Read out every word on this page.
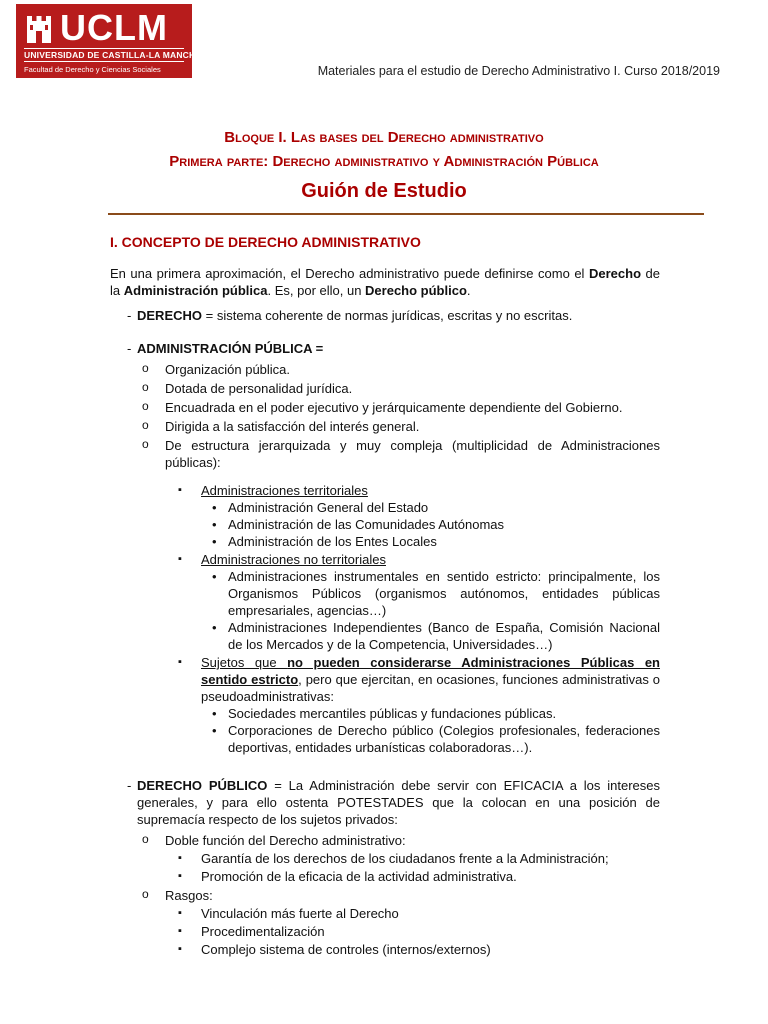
UCLM
UNIVERSIDAD DE CASTILLA-LA MANCHA
Facultad de Derecho y Ciencias Sociales	Materiales para el estudio de Derecho Administrativo I. Curso 2018/2019
Bloque I. Las bases del Derecho administrativo
Primera parte: Derecho administrativo y Administración Pública
Guión de Estudio
I. CONCEPTO DE DERECHO ADMINISTRATIVO

En una primera aproximación, el Derecho administrativo puede definirse como el Derecho de la Administración pública. Es, por ello, un Derecho público.

- DERECHO = sistema coherente de normas jurídicas, escritas y no escritas.
- ADMINISTRACIÓN PÚBLICA =
o Organización pública.
o Dotada de personalidad jurídica.
o Encuadrada en el poder ejecutivo y jerárquicamente dependiente del Gobierno.
o Dirigida a la satisfacción del interés general.
o De estructura jerarquizada y muy compleja (multiplicidad de Administraciones públicas):
▪ Administraciones territoriales
• Administración General del Estado
• Administración de las Comunidades Autónomas
• Administración de los Entes Locales
▪ Administraciones no territoriales
• Administraciones instrumentales en sentido estricto: principalmente, los Organismos Públicos (organismos autónomos, entidades públicas empresariales, agencias…)
• Administraciones Independientes (Banco de España, Comisión Nacional de los Mercados y de la Competencia, Universidades…)
▪ Sujetos que no pueden considerarse Administraciones Públicas en sentido estricto, pero que ejercitan, en ocasiones, funciones administrativas o pseudoadministrativas:
• Sociedades mercantiles públicas y fundaciones públicas.
• Corporaciones de Derecho público (Colegios profesionales, federaciones deportivas, entidades urbanísticas colaboradoras…).
- DERECHO PÚBLICO = La Administración debe servir con EFICACIA a los intereses generales, y para ello ostenta POTESTADES que la colocan en una posición de supremacía respecto de los sujetos privados:
o Doble función del Derecho administrativo:
▪ Garantía de los derechos de los ciudadanos frente a la Administración;
▪ Promoción de la eficacia de la actividad administrativa.
o Rasgos:
▪ Vinculación más fuerte al Derecho
▪ Procedimentalización
▪ Complejo sistema de controles (internos/externos)
